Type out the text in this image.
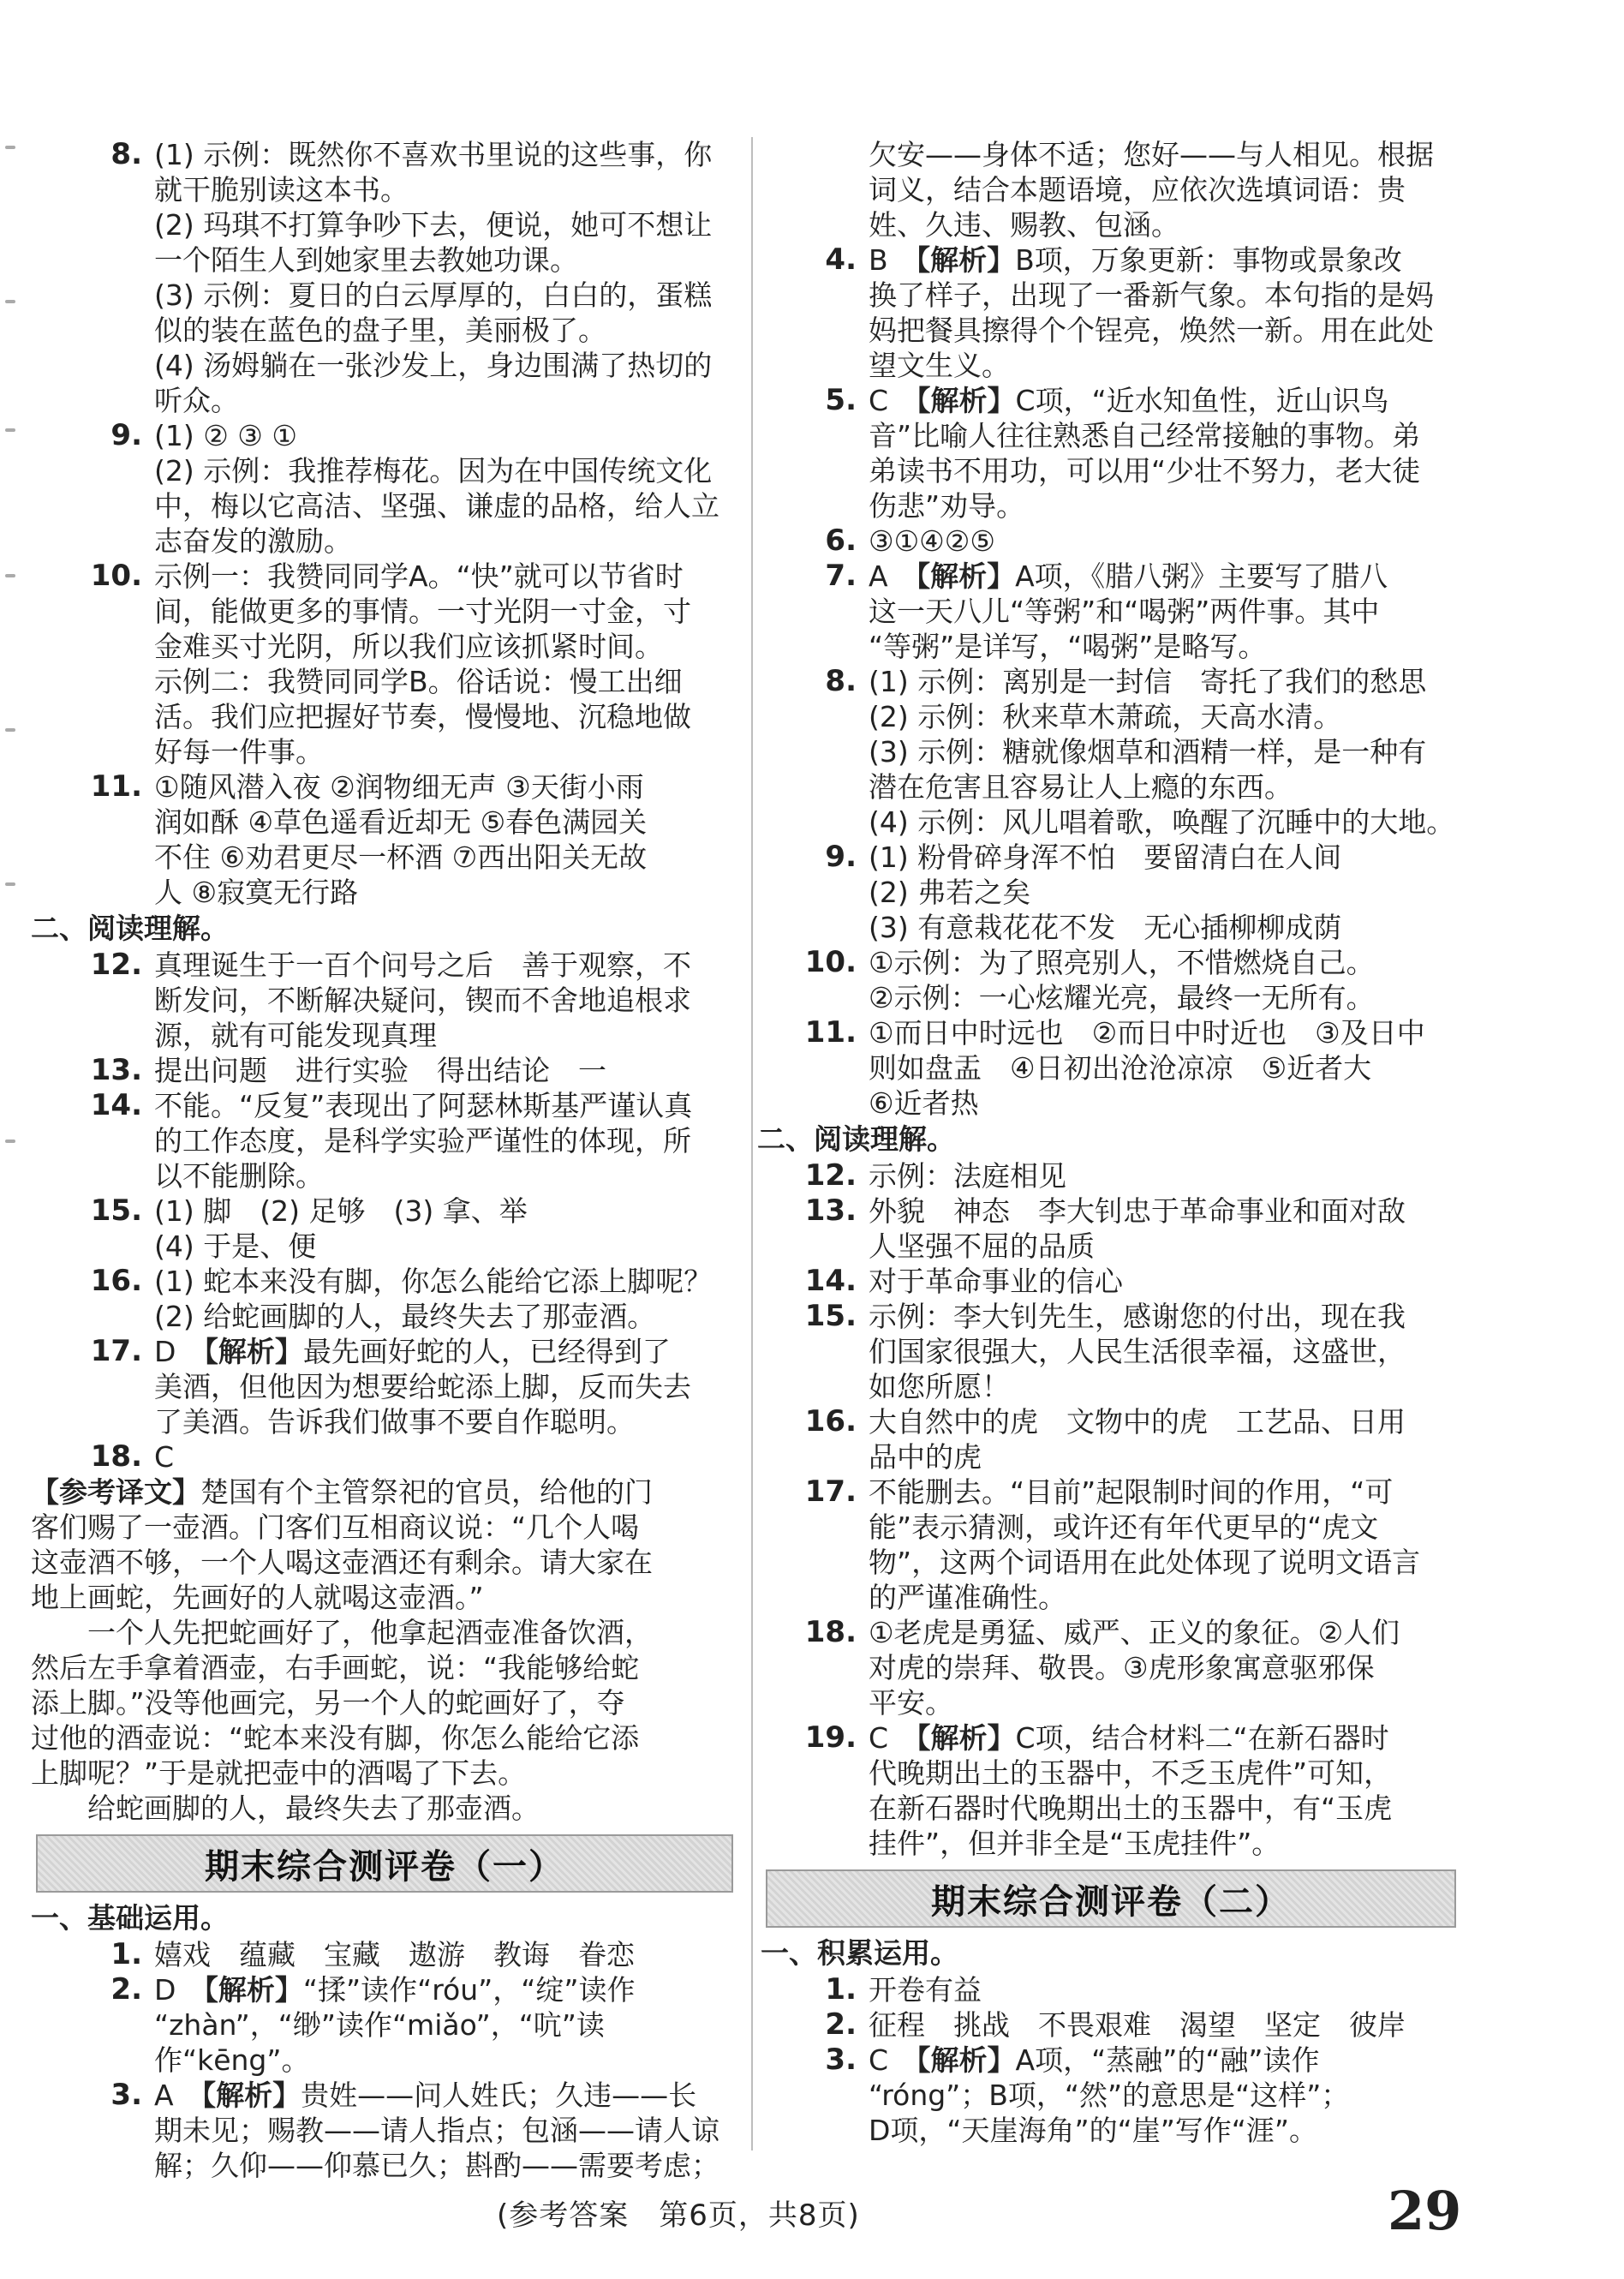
8. (1) 示例：既然你不喜欢书里说的这些事，你
就干脆别读这本书。
(2) 玛琪不打算争吵下去，便说，她可不想让
一个陌生人到她家里去教她功课。
(3) 示例：夏日的白云厚厚的，白白的，蛋糕
似的装在蓝色的盘子里，美丽极了。
(4) 汤姆躺在一张沙发上，身边围满了热切的
听众。
9. (1) ② ③ ①
(2) 示例：我推荐梅花。因为在中国传统文化
中，梅以它高洁、坚强、谦虚的品格，给人立
志奋发的激励。
10. 示例一：我赞同同学A。“快”就可以节省时
间，能做更多的事情。一寸光阴一寸金，寸
金难买寸光阴，所以我们应该抓紧时间。
示例二：我赞同同学B。俗话说：慢工出细
活。我们应把握好节奏，慢慢地、沉稳地做
好每一件事。
11. ①随风潜入夜 ②润物细无声 ③天街小雨
润如酥 ④草色遥看近却无 ⑤春色满园关
不住 ⑥劝君更尽一杯酒 ⑦西出阳关无故
人 ⑧寂寞无行路
二、阅读理解。
12. 真理诞生于一百个问号之后　善于观察，不
断发问，不断解决疑问，锲而不舍地追根求
源，就有可能发现真理
13. 提出问题　进行实验　得出结论　一
14. 不能。“反复”表现出了阿瑟林斯基严谨认真
的工作态度，是科学实验严谨性的体现，所
以不能删除。
15. (1) 脚　(2) 足够　(3) 拿、举
(4) 于是、便
16. (1) 蛇本来没有脚，你怎么能给它添上脚呢？
(2) 给蛇画脚的人，最终失去了那壶酒。
17. D　【解析】最先画好蛇的人，已经得到了
美酒，但他因为想要给蛇添上脚，反而失去
了美酒。告诉我们做事不要自作聪明。
18. C
【参考译文】楚国有个主管祭祀的官员，给他的门
客们赐了一壶酒。门客们互相商议说：“几个人喝
这壶酒不够，一个人喝这壶酒还有剩余。请大家在
地上画蛇，先画好的人就喝这壶酒。”
一个人先把蛇画好了，他拿起酒壶准备饮酒，
然后左手拿着酒壶，右手画蛇，说：“我能够给蛇
添上脚。”没等他画完，另一个人的蛇画好了，夺
过他的酒壶说：“蛇本来没有脚，你怎么能给它添
上脚呢？”于是就把壶中的酒喝了下去。
给蛇画脚的人，最终失去了那壶酒。
期末综合测评卷（一）
一、基础运用。
1. 嬉戏　蕴藏　宝藏　遨游　教诲　眷恋
2. D　【解析】“揉”读作“róu”，“绽”读作
“zhàn”，“缈”读作“miǎo”，“吭”读
作“kēng”。
3. A　【解析】贵姓——问人姓氏；久违——长
期未见；赐教——请人指点；包涵——请人谅
解；久仰——仰慕已久；斟酌——需要考虑；
欠安——身体不适；您好——与人相见。根据
词义，结合本题语境，应依次选填词语：贵
姓、久违、赐教、包涵。
4. B　【解析】B项，万象更新：事物或景象改
换了样子，出现了一番新气象。本句指的是妈
妈把餐具擦得个个锃亮，焕然一新。用在此处
望文生义。
5. C　【解析】C项，“近水知鱼性，近山识鸟
音”比喻人往往熟悉自己经常接触的事物。弟
弟读书不用功，可以用“少壮不努力，老大徒
伤悲”劝导。
6. ③①④②⑤
7. A　【解析】A项，《腊八粥》主要写了腊八
这一天八儿“等粥”和“喝粥”两件事。其中
“等粥”是详写，“喝粥”是略写。
8. (1) 示例：离别是一封信　寄托了我们的愁思
(2) 示例：秋来草木萧疏，天高水清。
(3) 示例：糖就像烟草和酒精一样，是一种有
潜在危害且容易让人上瘾的东西。
(4) 示例：风儿唱着歌，唤醒了沉睡中的大地。
9. (1) 粉骨碎身浑不怕　要留清白在人间
(2) 弗若之矣
(3) 有意栽花花不发　无心插柳柳成荫
10. ①示例：为了照亮别人，不惜燃烧自己。
②示例：一心炫耀光亮，最终一无所有。
11. ①而日中时远也　②而日中时近也　③及日中
则如盘盂　④日初出沧沧凉凉　⑤近者大
⑥近者热
二、阅读理解。
12. 示例：法庭相见
13. 外貌　神态　李大钊忠于革命事业和面对敌
人坚强不屈的品质
14. 对于革命事业的信心
15. 示例：李大钊先生，感谢您的付出，现在我
们国家很强大，人民生活很幸福，这盛世，
如您所愿！
16. 大自然中的虎　文物中的虎　工艺品、日用
品中的虎
17. 不能删去。“目前”起限制时间的作用，“可
能”表示猜测，或许还有年代更早的“虎文
物”，这两个词语用在此处体现了说明文语言
的严谨准确性。
18. ①老虎是勇猛、威严、正义的象征。②人们
对虎的崇拜、敬畏。③虎形象寓意驱邪保
平安。
19. C　【解析】C项，结合材料二“在新石器时
代晚期出土的玉器中，不乏玉虎件”可知，
在新石器时代晚期出土的玉器中，有“玉虎
挂件”，但并非全是“玉虎挂件”。
期末综合测评卷（二）
一、积累运用。
1. 开卷有益
2. 征程　挑战　不畏艰难　渴望　坚定　彼岸
3. C　【解析】A项，“蒸融”的“融”读作
“róng”；B项，“然”的意思是“这样”；
D项，“天崖海角”的“崖”写作“涯”。
(参考答案　第6页，共8页)	29
